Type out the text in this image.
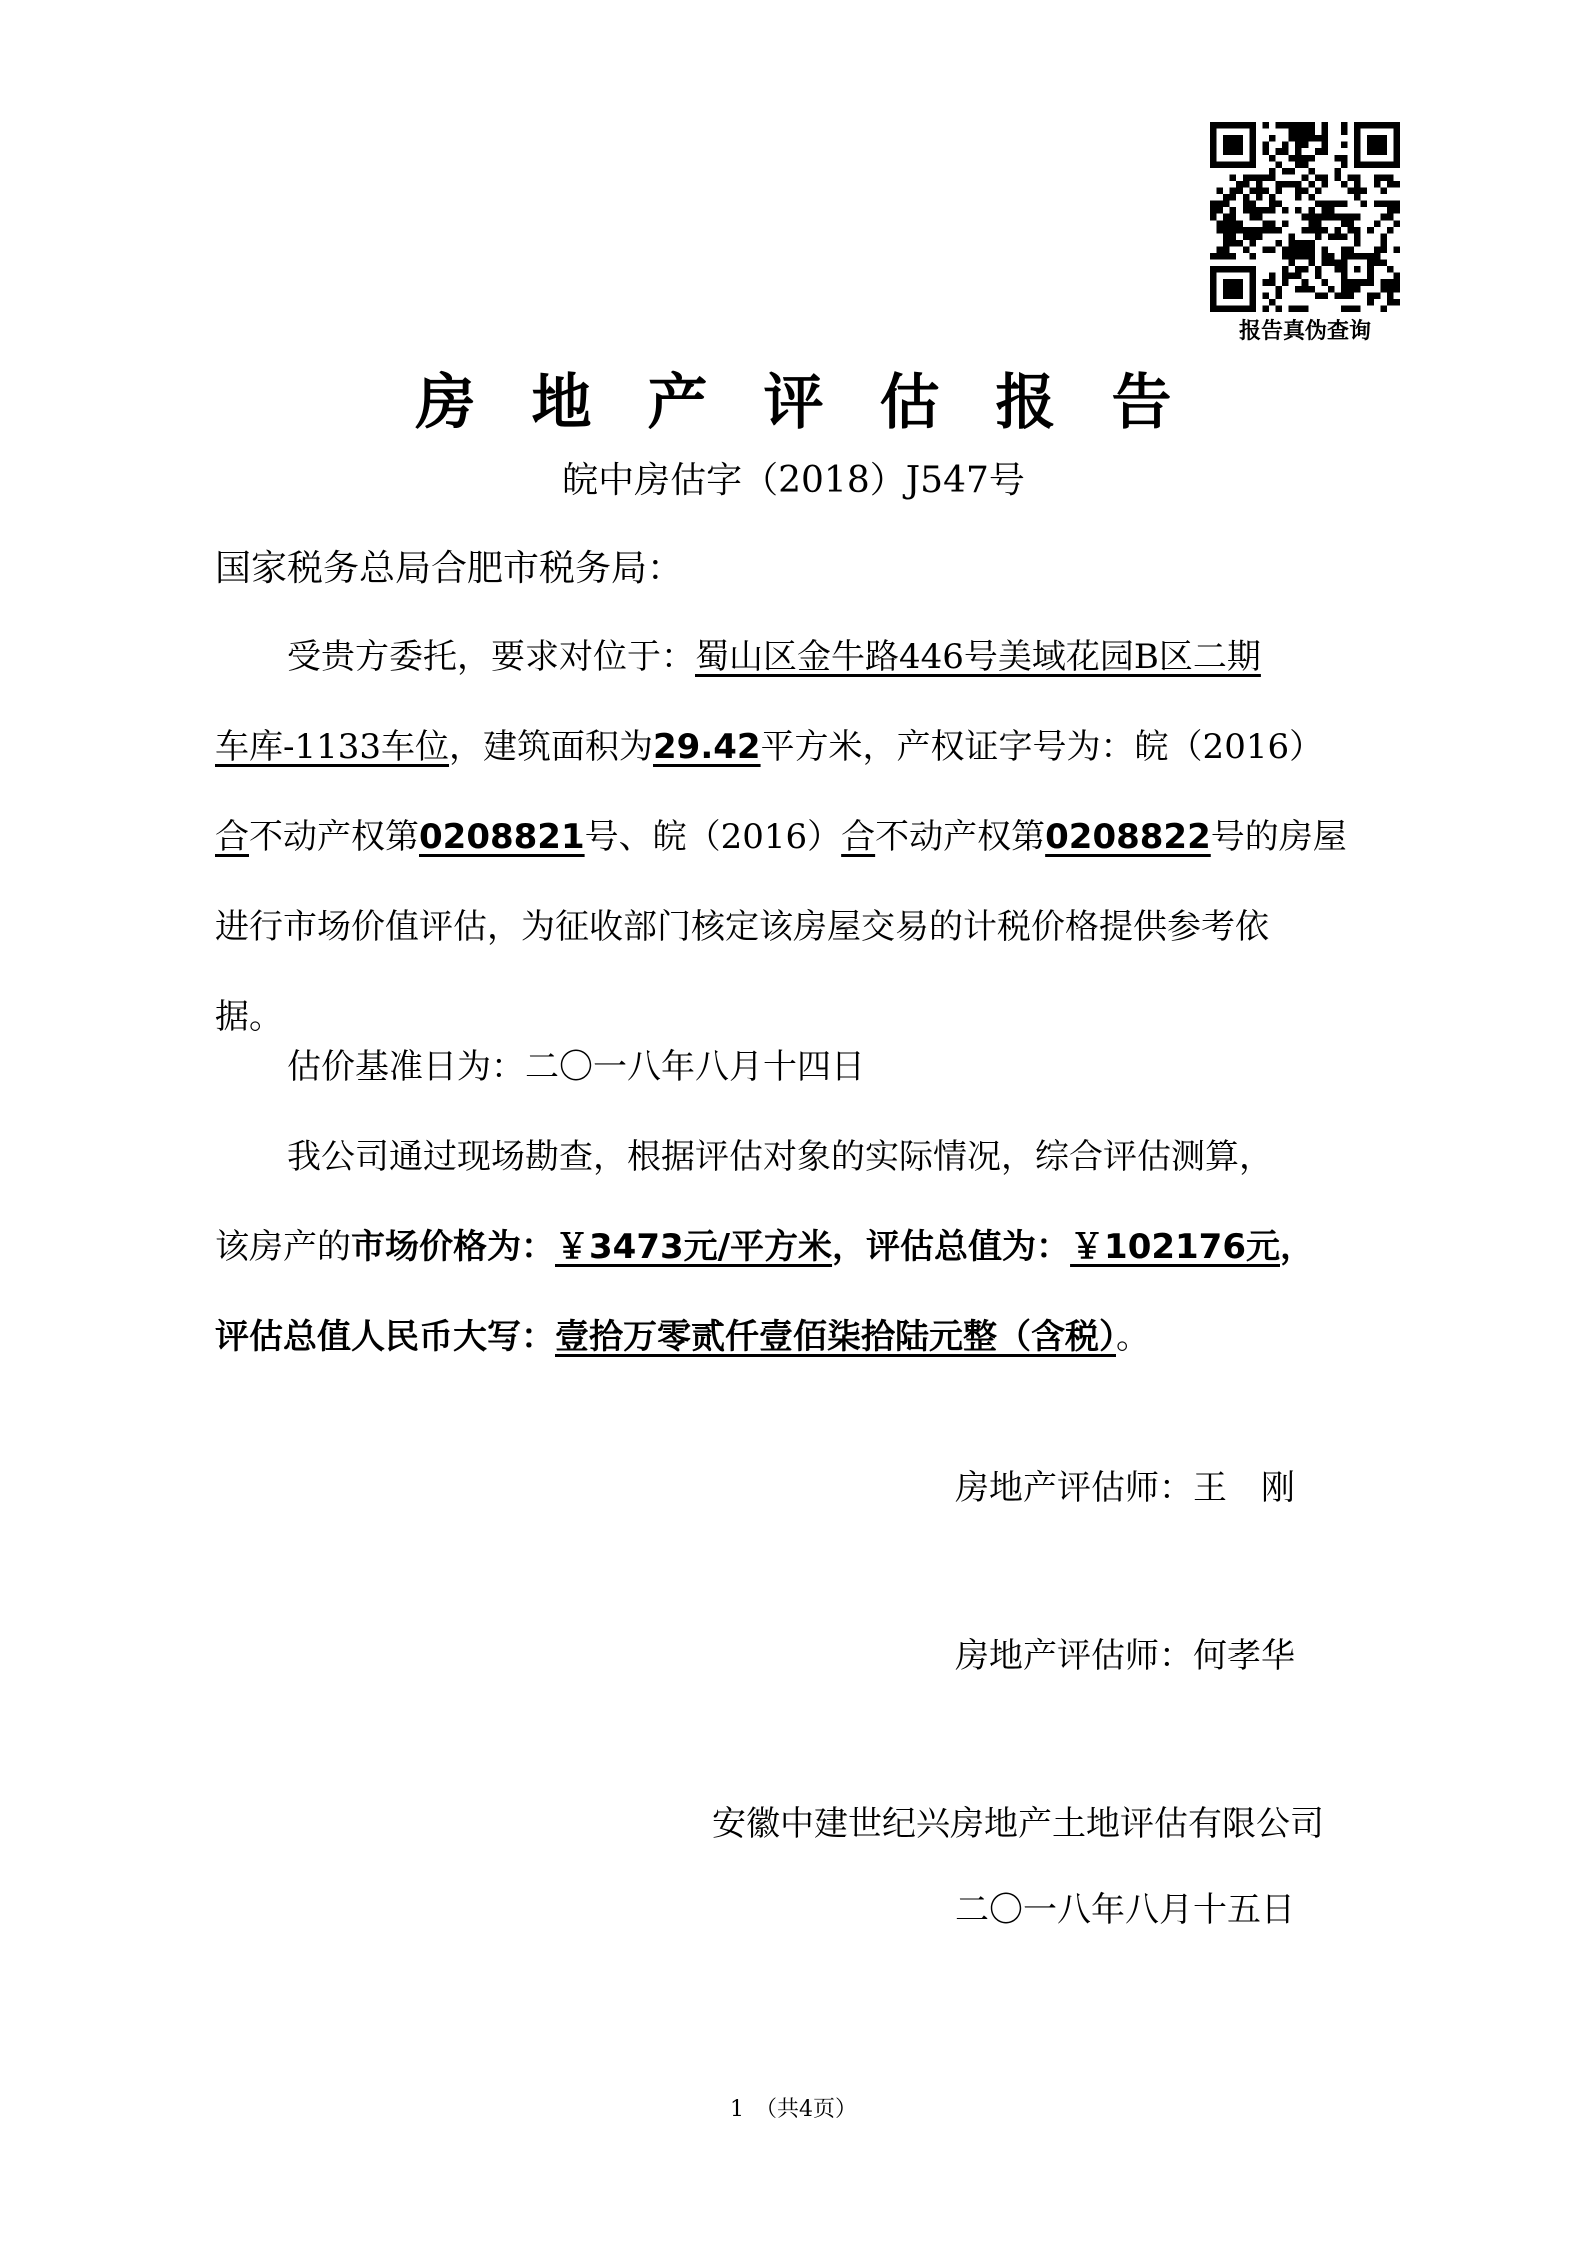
报告真伪查询
房 地 产 评 估 报 告
皖中房估字（2018）J547号
国家税务总局合肥市税务局：
受贵方委托，要求对位于：蜀山区金牛路446号美域花园B区二期
车库-1133车位，建筑面积为29.42平方米，产权证字号为：皖（2016）
合不动产权第0208821号、皖（2016）合不动产权第0208822号的房屋
进行市场价值评估，为征收部门核定该房屋交易的计税价格提供参考依
据。
估价基准日为：二〇一八年八月十四日
我公司通过现场勘查，根据评估对象的实际情况，综合评估测算，
该房产的市场价格为：￥3473元/平方米，评估总值为：￥102176元，
评估总值人民币大写：壹拾万零贰仟壹佰柒拾陆元整（含税）。
房地产评估师：王　刚
房地产评估师：何孝华
安徽中建世纪兴房地产土地评估有限公司
二〇一八年八月十五日
1　（共4页）
